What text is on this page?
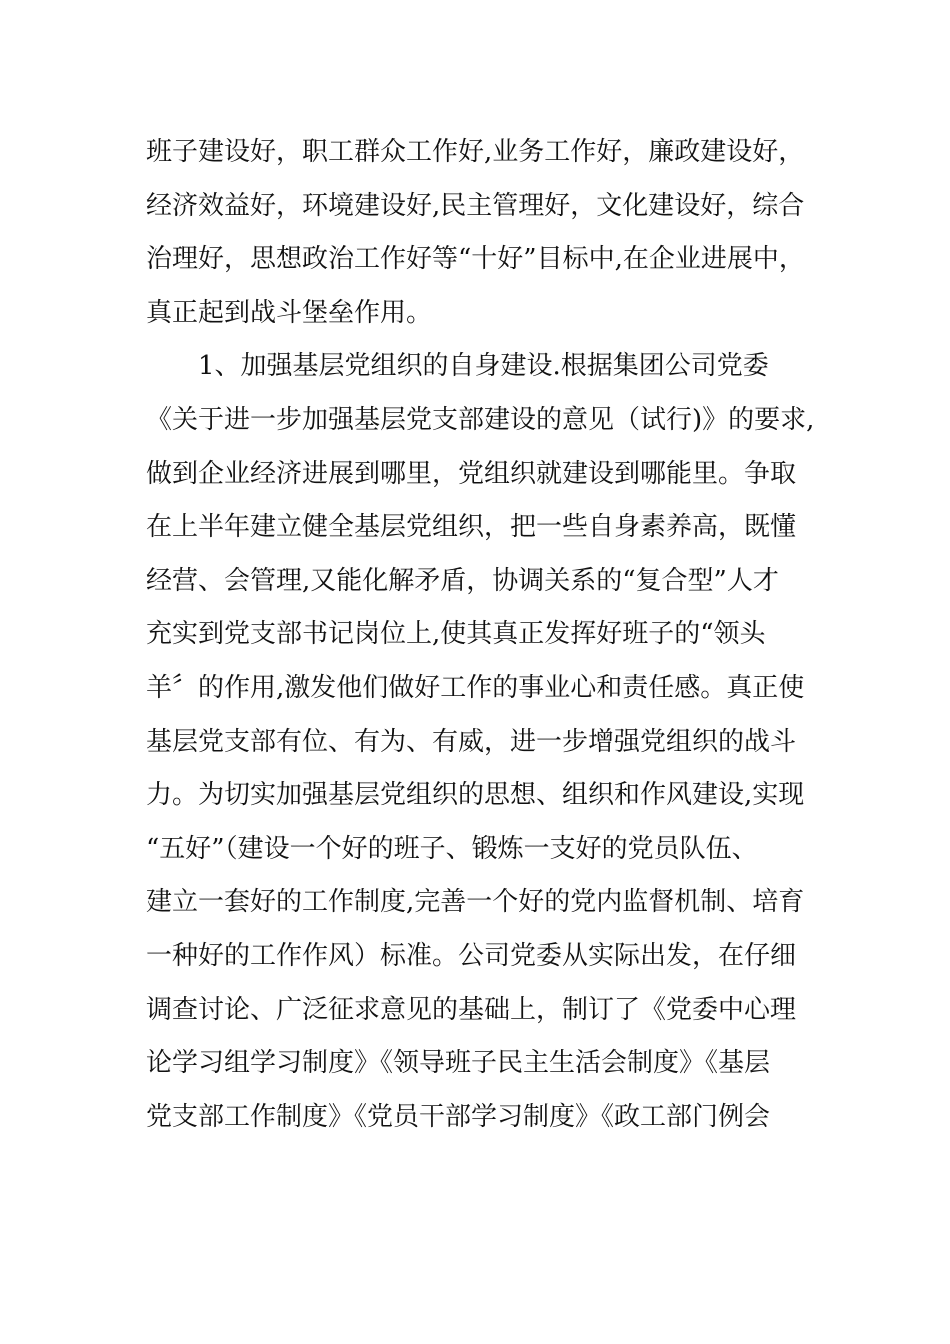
班子建设好，职工群众工作好,业务工作好，廉政建设好，
经济效益好，环境建设好,民主管理好，文化建设好，综合
治理好，思想政治工作好等“十好”目标中,在企业进展中，
真正起到战斗堡垒作用。
1、加强基层党组织的自身建设.根据集团公司党委
《关于进一步加强基层党支部建设的意见（试行)》的要求,
做到企业经济进展到哪里，党组织就建设到哪能里。争取
在上半年建立健全基层党组织，把一些自身素养高，既懂
经营、会管理,又能化解矛盾，协调关系的“复合型”人才
充实到党支部书记岗位上,使其真正发挥好班子的“领头
羊〞的作用,激发他们做好工作的事业心和责任感。真正使
基层党支部有位、有为、有威，进一步增强党组织的战斗
力。为切实加强基层党组织的思想、组织和作风建设,实现
“五好”（建设一个好的班子、锻炼一支好的党员队伍、
建立一套好的工作制度,完善一个好的党内监督机制、培育
一种好的工作作风）标准。公司党委从实际出发，在仔细
调查讨论、广泛征求意见的基础上，制订了《党委中心理
论学习组学习制度》《领导班子民主生活会制度》《基层
党支部工作制度》《党员干部学习制度》《政工部门例会
